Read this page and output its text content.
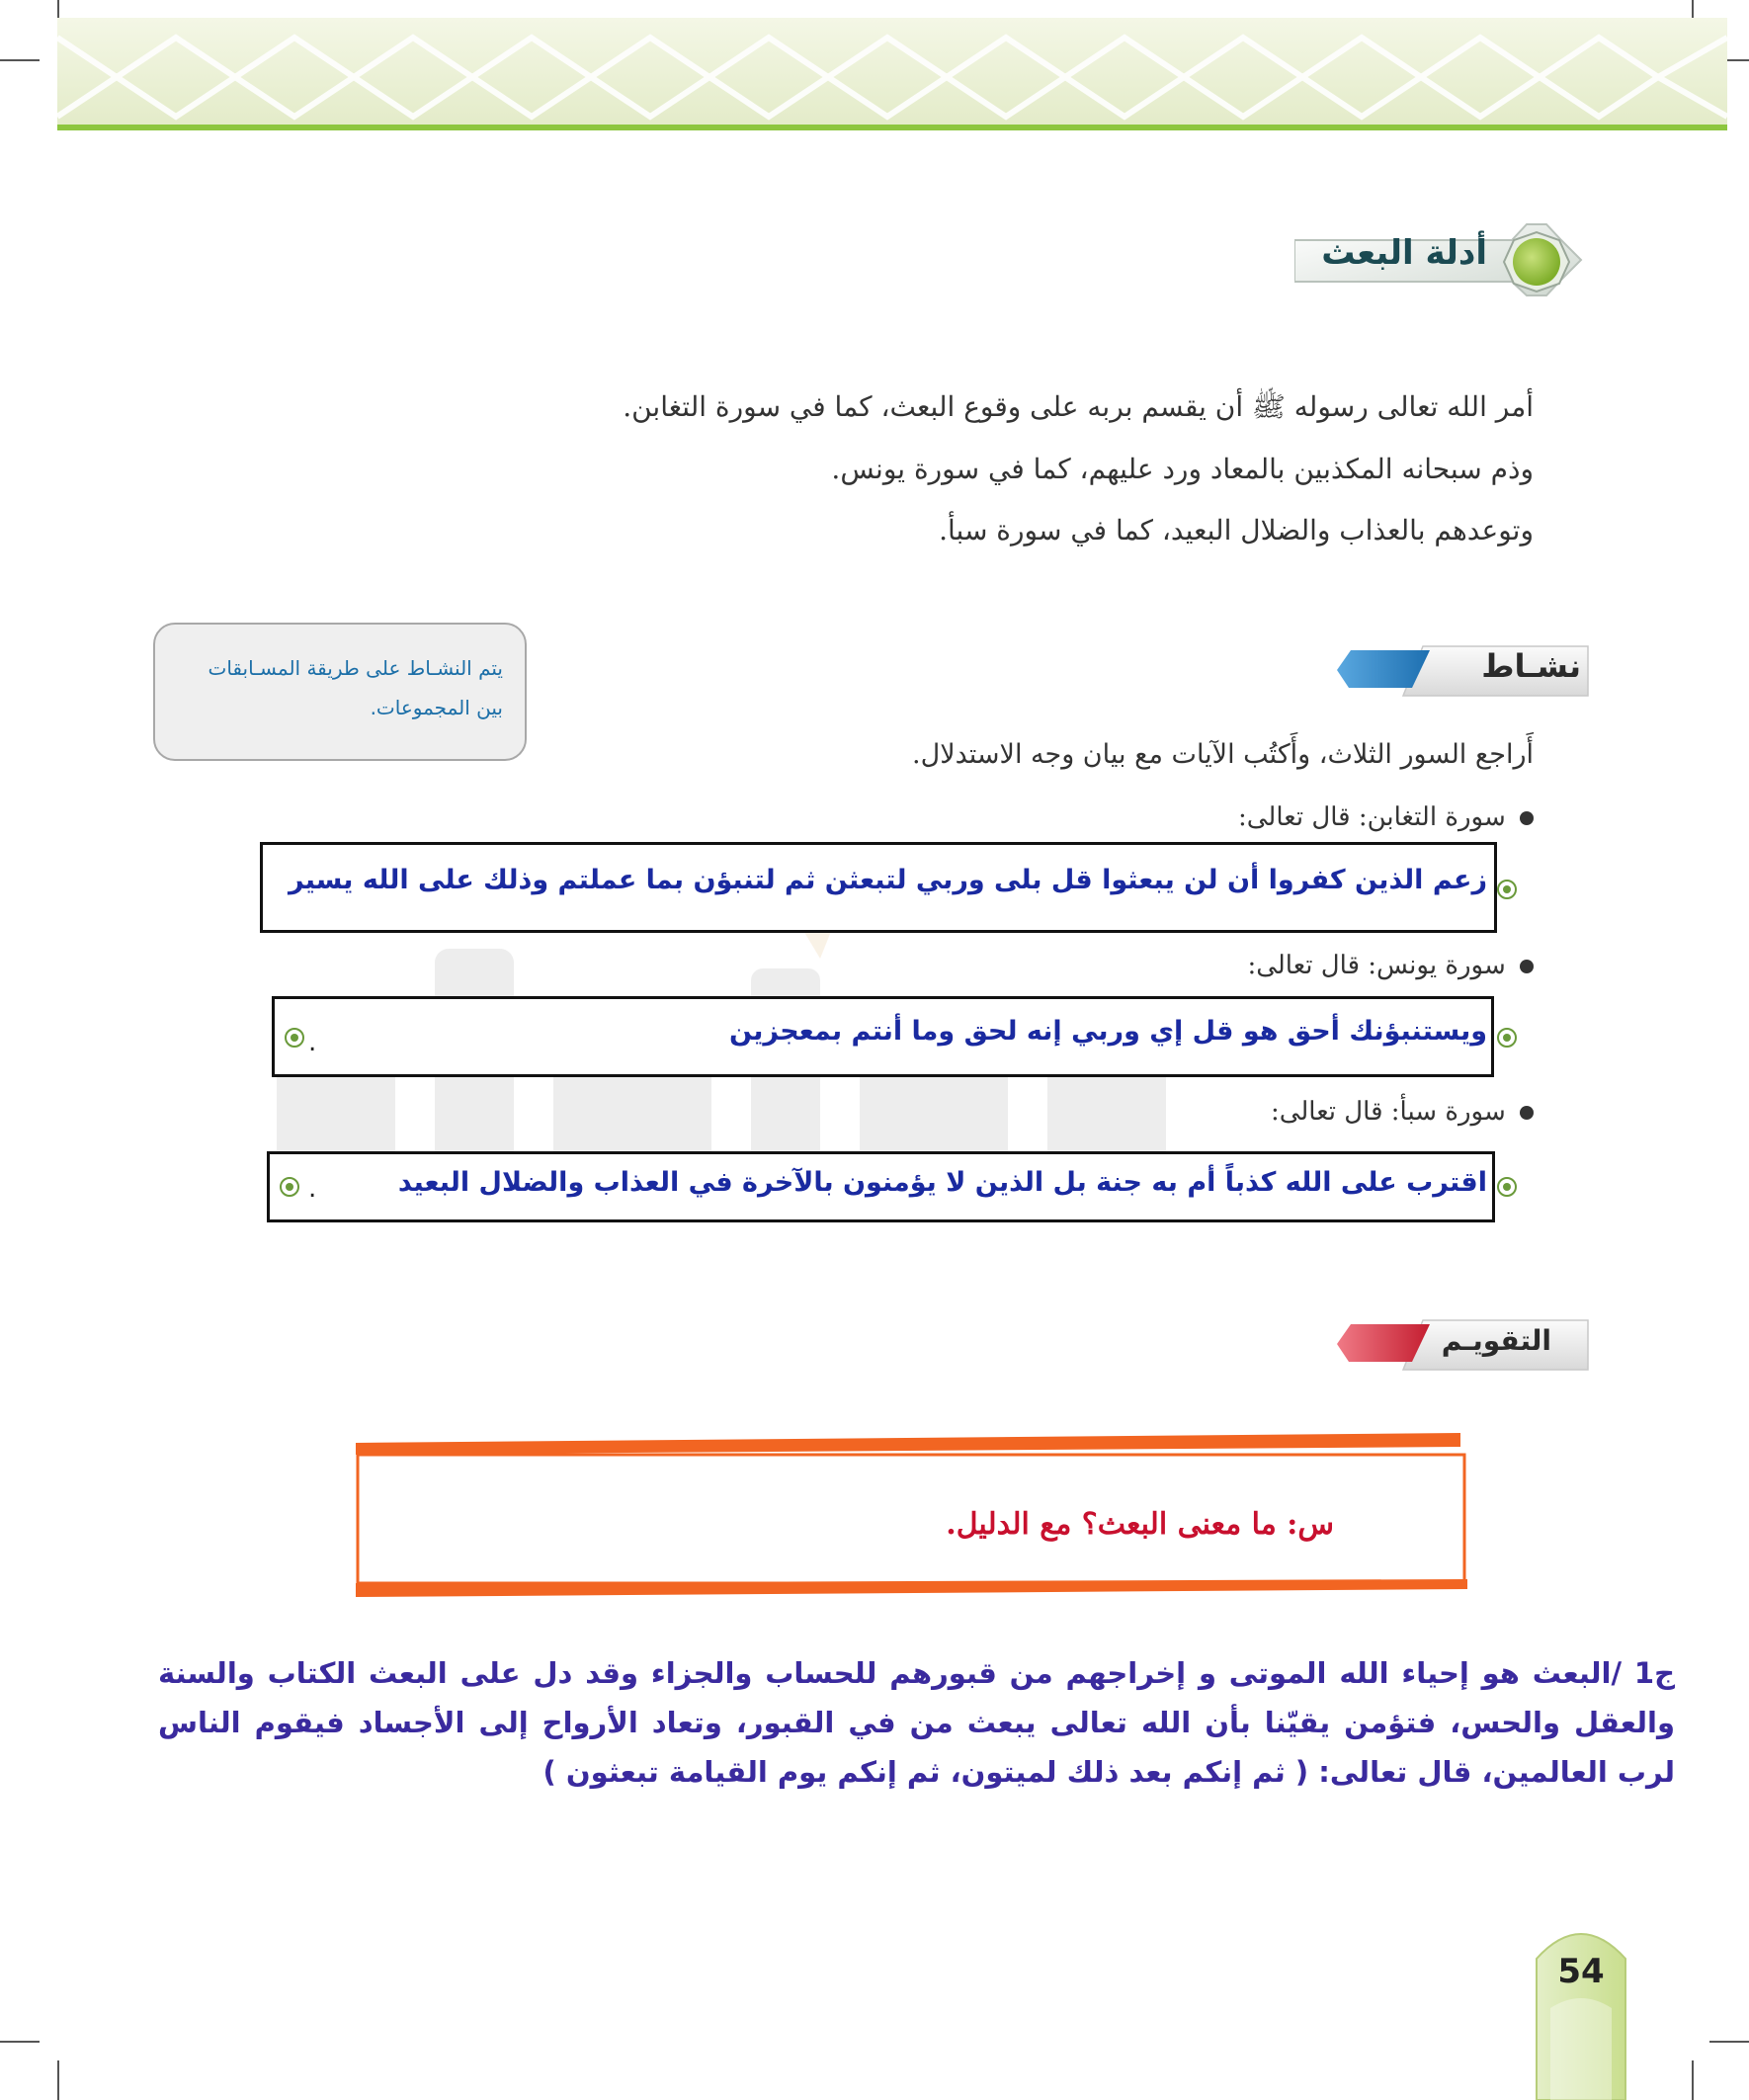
أدلة البعث
أمر الله تعالى رسوله ﷺ أن يقسم بربه على وقوع البعث، كما في سورة التغابن.
وذم سبحانه المكذبين بالمعاد ورد عليهم، كما في سورة يونس.
وتوعدهم بالعذاب والضلال البعيد، كما في سورة سبأ.
يتم النشـاط على طريقة المسـابقات
بين المجموعات.
نشـاط
أَراجع السور الثلاث، وأَكتُب الآيات مع بيان وجه الاستدلال.
سورة التغابن: قال تعالى:
زعم الذين كفروا أن لن يبعثوا قل بلى وربي لتبعثن ثم لتنبؤن بما عملتم وذلك على الله يسير
سورة يونس: قال تعالى:
ويستنبؤنك أحق هو قل إي وربي إنه لحق وما أنتم بمعجزين
.
سورة سبأ: قال تعالى:
اقترب على الله كذباً أم به جنة بل الذين لا يؤمنون بالآخرة في العذاب والضلال البعيد
.
التقويـم
س: ما معنى البعث؟ مع الدليل.
ج1 /البعث هو إحياء الله الموتى و إخراجهم من قبورهم للحساب والجزاء وقد دل على البعث الكتاب والسنة والعقل والحس، فتؤمن يقيّنا بأن الله تعالى يبعث من في القبور، وتعاد الأرواح إلى الأجساد فيقوم الناس لرب العالمين، قال تعالى: ( ثم إنكم بعد ذلك لميتون، ثم إنكم يوم القيامة تبعثون )
54
